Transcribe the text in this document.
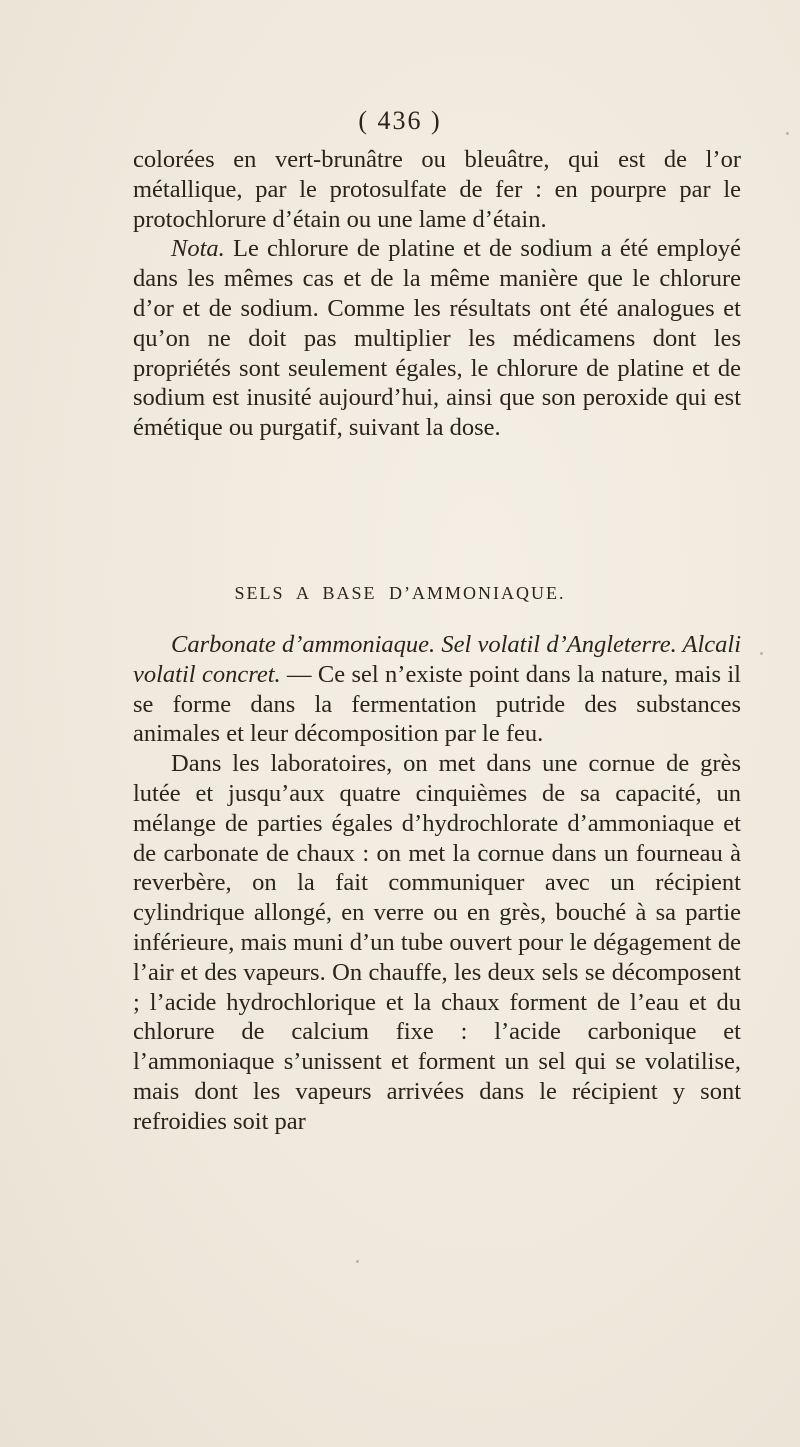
( 436 )

colorées en vert-brunâtre ou bleuâtre, qui est de l’or métallique, par le protosulfate de fer : en pourpre par le protochlorure d’étain ou une lame d’étain.

Nota. Le chlorure de platine et de sodium a été employé dans les mêmes cas et de la même manière que le chlorure d’or et de sodium. Comme les résultats ont été analogues et qu’on ne doit pas multiplier les médicamens dont les propriétés sont seulement égales, le chlorure de platine et de sodium est inusité aujourd’hui, ainsi que son peroxide qui est émétique ou purgatif, suivant la dose.

SELS A BASE D’AMMONIAQUE.

Carbonate d’ammoniaque. Sel volatil d’Angleterre. Alcali volatil concret. — Ce sel n’existe point dans la nature, mais il se forme dans la fermentation putride des substances animales et leur décomposition par le feu.

Dans les laboratoires, on met dans une cornue de grès lutée et jusqu’aux quatre cinquièmes de sa capacité, un mélange de parties égales d’hydrochlorate d’ammoniaque et de carbonate de chaux : on met la cornue dans un fourneau à reverbère, on la fait communiquer avec un récipient cylindrique allongé, en verre ou en grès, bouché à sa partie inférieure, mais muni d’un tube ouvert pour le dégagement de l’air et des vapeurs. On chauffe, les deux sels se décomposent ; l’acide hydrochlorique et la chaux forment de l’eau et du chlorure de calcium fixe : l’acide carbonique et l’ammoniaque s’unissent et forment un sel qui se volatilise, mais dont les vapeurs arrivées dans le récipient y sont refroidies soit par
